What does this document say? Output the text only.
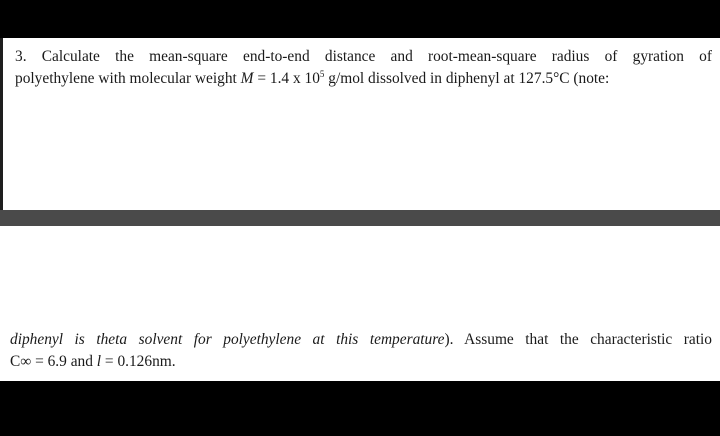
3. Calculate the mean-square end-to-end distance and root-mean-square radius of gyration of
polyethylene with molecular weight M = 1.4 x $10^5$ g/mol dissolved in diphenyl at 127.5°C (note:
diphenyl is theta solvent for polyethylene at this temperature). Assume that the characteristic ratio
C∞ = 6.9 and l = 0.126nm.
